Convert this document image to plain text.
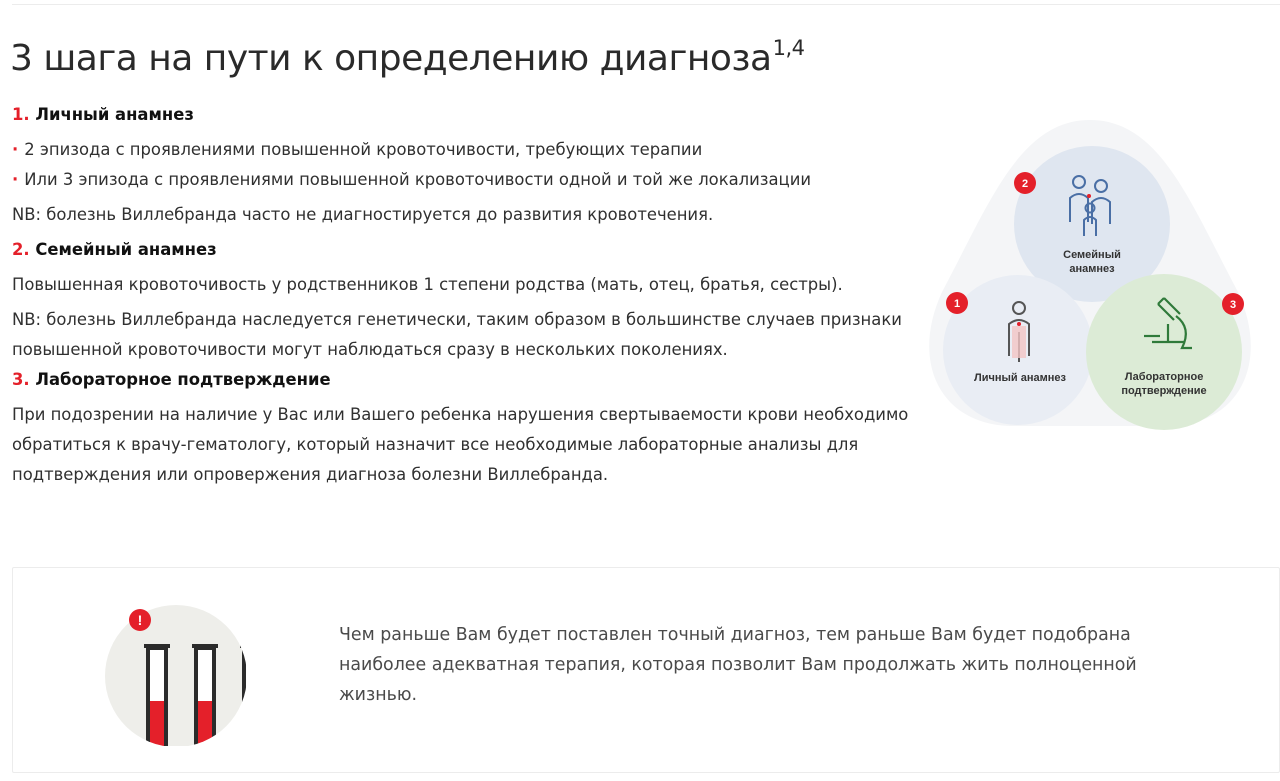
3 шага на пути к определению диагноза$^{1,4}$

1. Личный анамнез

· 2 эпизода с проявлениями повышенной кровоточивости, требующих терапии

· Или 3 эпизода с проявлениями повышенной кровоточивости одной и той же локализации

NB: болезнь Виллебранда часто не диагностируется до развития кровотечения.

2. Семейный анамнез

Повышенная кровоточивость у родственников 1 степени родства (мать, отец, братья, сестры).

NB: болезнь Виллебранда наследуется генетически, таким образом в большинстве случаев признаки повышенной кровоточивости могут наблюдаться сразу в нескольких поколениях.

3. Лабораторное подтверждение

При подозрении на наличие у Вас или Вашего ребенка нарушения свертываемости крови необходимо обратиться к врачу-гематологу, который назначит все необходимые лабораторные анализы для подтверждения или опровержения диагноза болезни Виллебранда.

Семейный
анамнез
Личный анамнез	Лабораторное
подтверждение
2
1	3
!

Чем раньше Вам будет поставлен точный диагноз, тем раньше Вам будет подобрана наиболее адекватная терапия, которая позволит Вам продолжать жить полноценной жизнью.
